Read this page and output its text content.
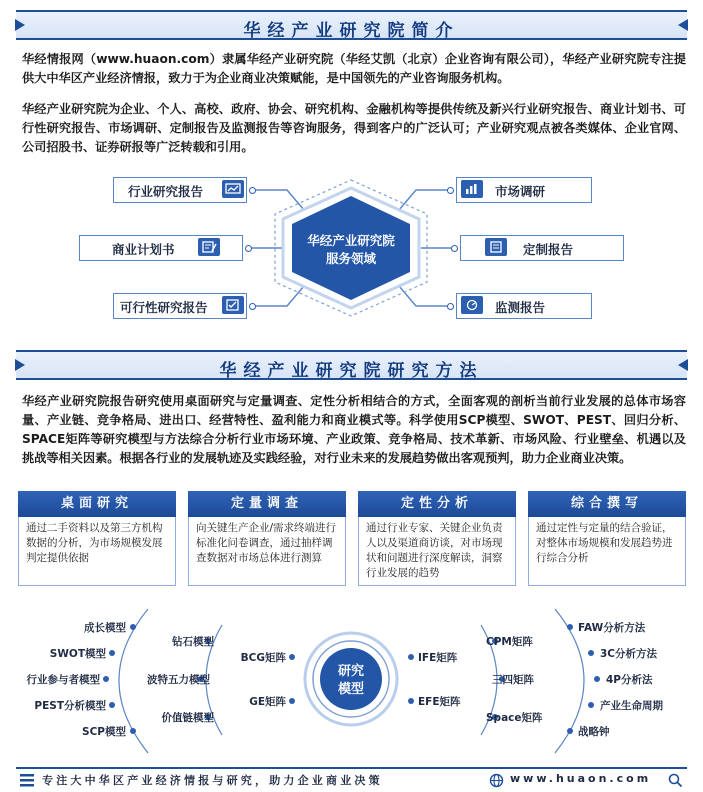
华经产业研究院简介

华经情报网（www.huaon.com）隶属华经产业研究院（华经艾凯（北京）企业咨询有限公司），华经产业研究院专注提供大中华区产业经济情报，致力于为企业商业决策赋能，是中国领先的产业咨询服务机构。

华经产业研究院为企业、个人、高校、政府、协会、研究机构、金融机构等提供传统及新兴行业研究报告、商业计划书、可行性研究报告、市场调研、定制报告及监测报告等咨询服务，得到客户的广泛认可；产业研究观点被各类媒体、企业官网、公司招股书、证券研报等广泛转载和引用。

华经产业研究院
服务领域
行业研究报告
商业计划书
可行性研究报告
市场调研
定制报告
监测报告
华经产业研究院研究方法

华经产业研究院报告研究使用桌面研究与定量调查、定性分析相结合的方式，全面客观的剖析当前行业发展的总体市场容量、产业链、竞争格局、进出口、经营特性、盈利能力和商业模式等。科学使用SCP模型、SWOT、PEST、回归分析、SPACE矩阵等研究模型与方法综合分析行业市场环境、产业政策、竞争格局、技术革新、市场风险、行业壁垒、机遇以及挑战等相关因素。根据各行业的发展轨迹及实践经验，对行业未来的发展趋势做出客观预判，助力企业商业决策。

桌面研究
通过二手资料以及第三方机构数据的分析，为市场规模发展判定提供依据
定量调查
向关键生产企业/需求终端进行标准化问卷调查，通过抽样调查数据对市场总体进行测算
定性分析
通过行业专家、关键企业负责人以及渠道商访谈，对市场现状和问题进行深度解读，洞察行业发展的趋势
综合撰写
通过定性与定量的结合验证，对整体市场规模和发展趋势进行综合分析
研究
模型
成长模型
SWOT模型
行业参与者模型
PEST分析模型
SCP模型
钻石模型
波特五力模型
价值链模型
BCG矩阵
GE矩阵
IFE矩阵
EFE矩阵
CPM矩阵
三四矩阵
Space矩阵
FAW分析方法
3C分析方法
4P分析法
产业生命周期
战略钟
专注大中华区产业经济情报与研究，助力企业商业决策	www.huaon.com
